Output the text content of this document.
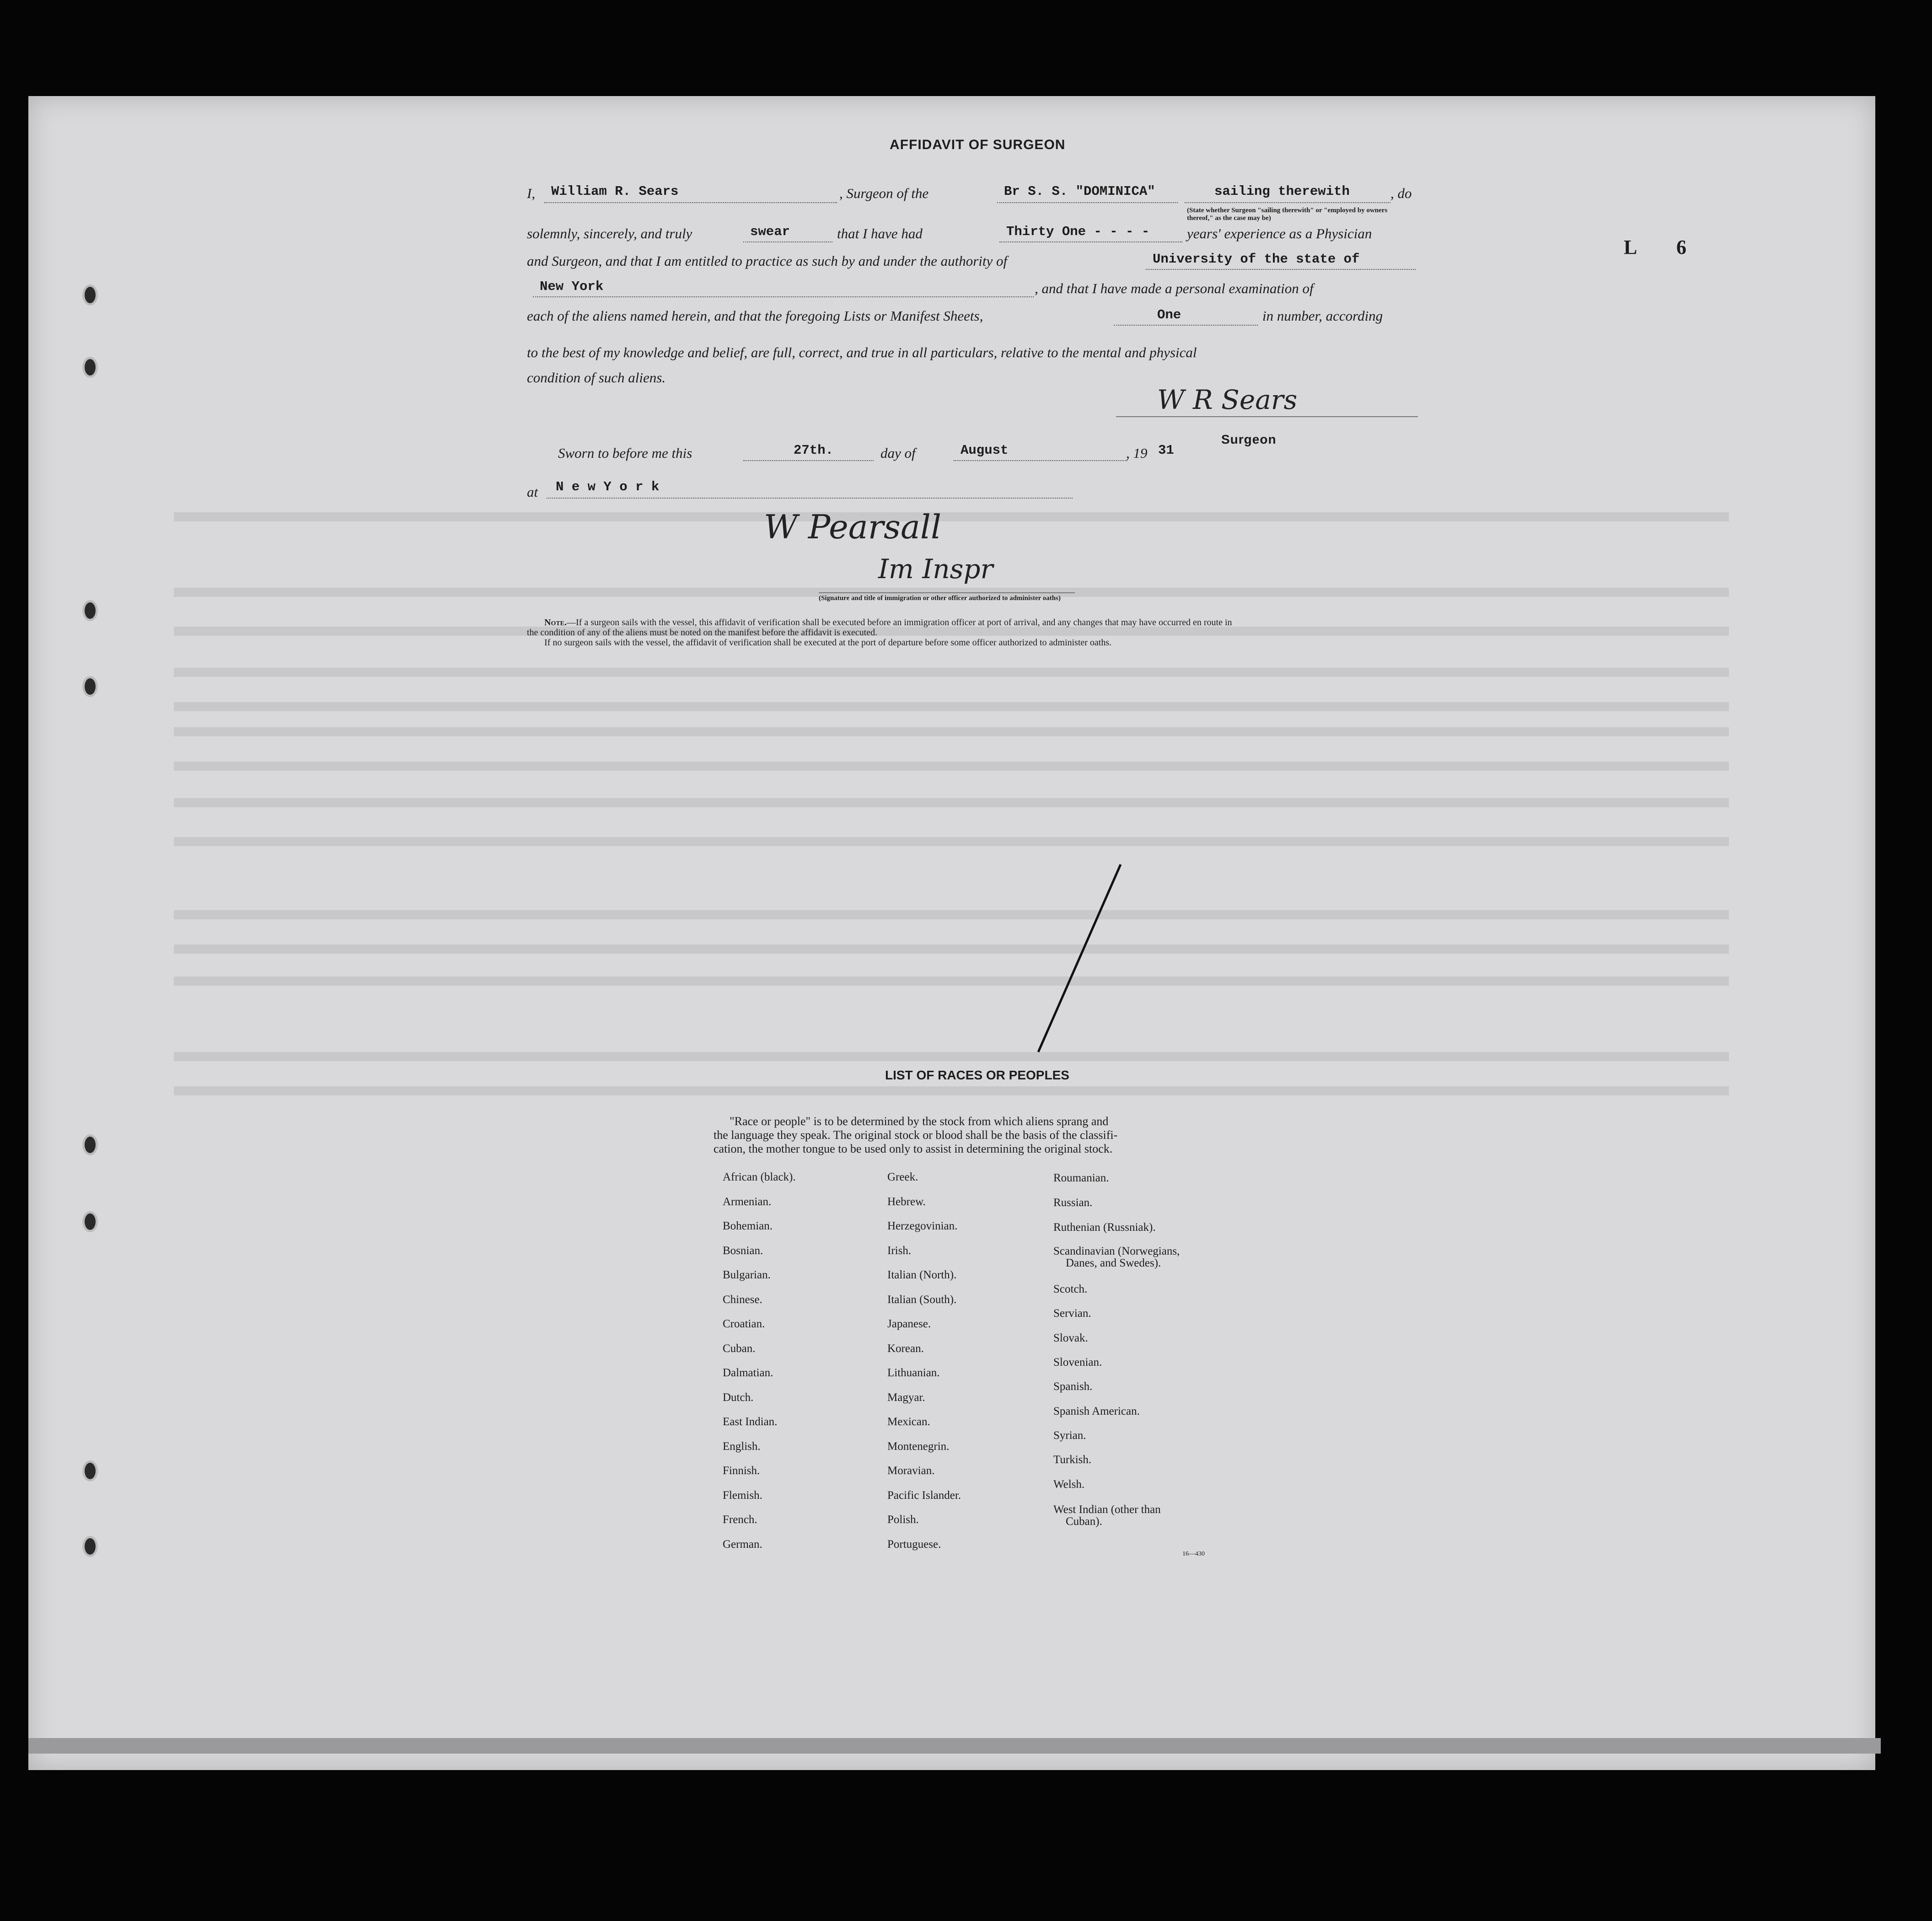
L 6
AFFIDAVIT OF SURGEON
I, William R. Sears	, Surgeon of the	Br S. S. "DOMINICA"	sailing therewith	, do
(State whether Surgeon "sailing therewith" or "employed by owners thereof," as the case may be)
solemnly, sincerely, and truly	swear	that I have had	Thirty One - - - -	years' experience as a Physician
and Surgeon, and that I am entitled to practice as such by and under the authority of	University of the state of
New York	, and that I have made a personal examination of
each of the aliens named herein, and that the foregoing Lists or Manifest Sheets,	One	in number, according
to the best of my knowledge and belief, are full, correct, and true in all particulars, relative to the mental and physical
condition of such aliens.
W R Sears
Surgeon
Sworn to before me this	27th.	day of	August	, 19 31
at N e w Y o r k
W Pearsall
Im Inspr
(Signature and title of immigration or other officer authorized to administer oaths)
Note.—If a surgeon sails with the vessel, this affidavit of verification shall be executed before an immigration officer at port of arrival, and any changes that may have occurred en route in
the condition of any of the aliens must be noted on the manifest before the affidavit is executed.
If no surgeon sails with the vessel, the affidavit of verification shall be executed at the port of departure before some officer authorized to administer oaths.
LIST OF RACES OR PEOPLES
"Race or people" is to be determined by the stock from which aliens sprang and
the language they speak. The original stock or blood shall be the basis of the classifi-
cation, the mother tongue to be used only to assist in determining the original stock.
African (black).
Armenian.
Bohemian.
Bosnian.
Bulgarian.
Chinese.
Croatian.
Cuban.
Dalmatian.
Dutch.
East Indian.
English.
Finnish.
Flemish.
French.
German.
Greek.
Hebrew.
Herzegovinian.
Irish.
Italian (North).
Italian (South).
Japanese.
Korean.
Lithuanian.
Magyar.
Mexican.
Montenegrin.
Moravian.
Pacific Islander.
Polish.
Portuguese.
Roumanian.
Russian.
Ruthenian (Russniak).
Scandinavian (Norwegians,
Danes, and Swedes).
Scotch.
Servian.
Slovak.
Slovenian.
Spanish.
Spanish American.
Syrian.
Turkish.
Welsh.
West Indian (other than
Cuban).
16—430
